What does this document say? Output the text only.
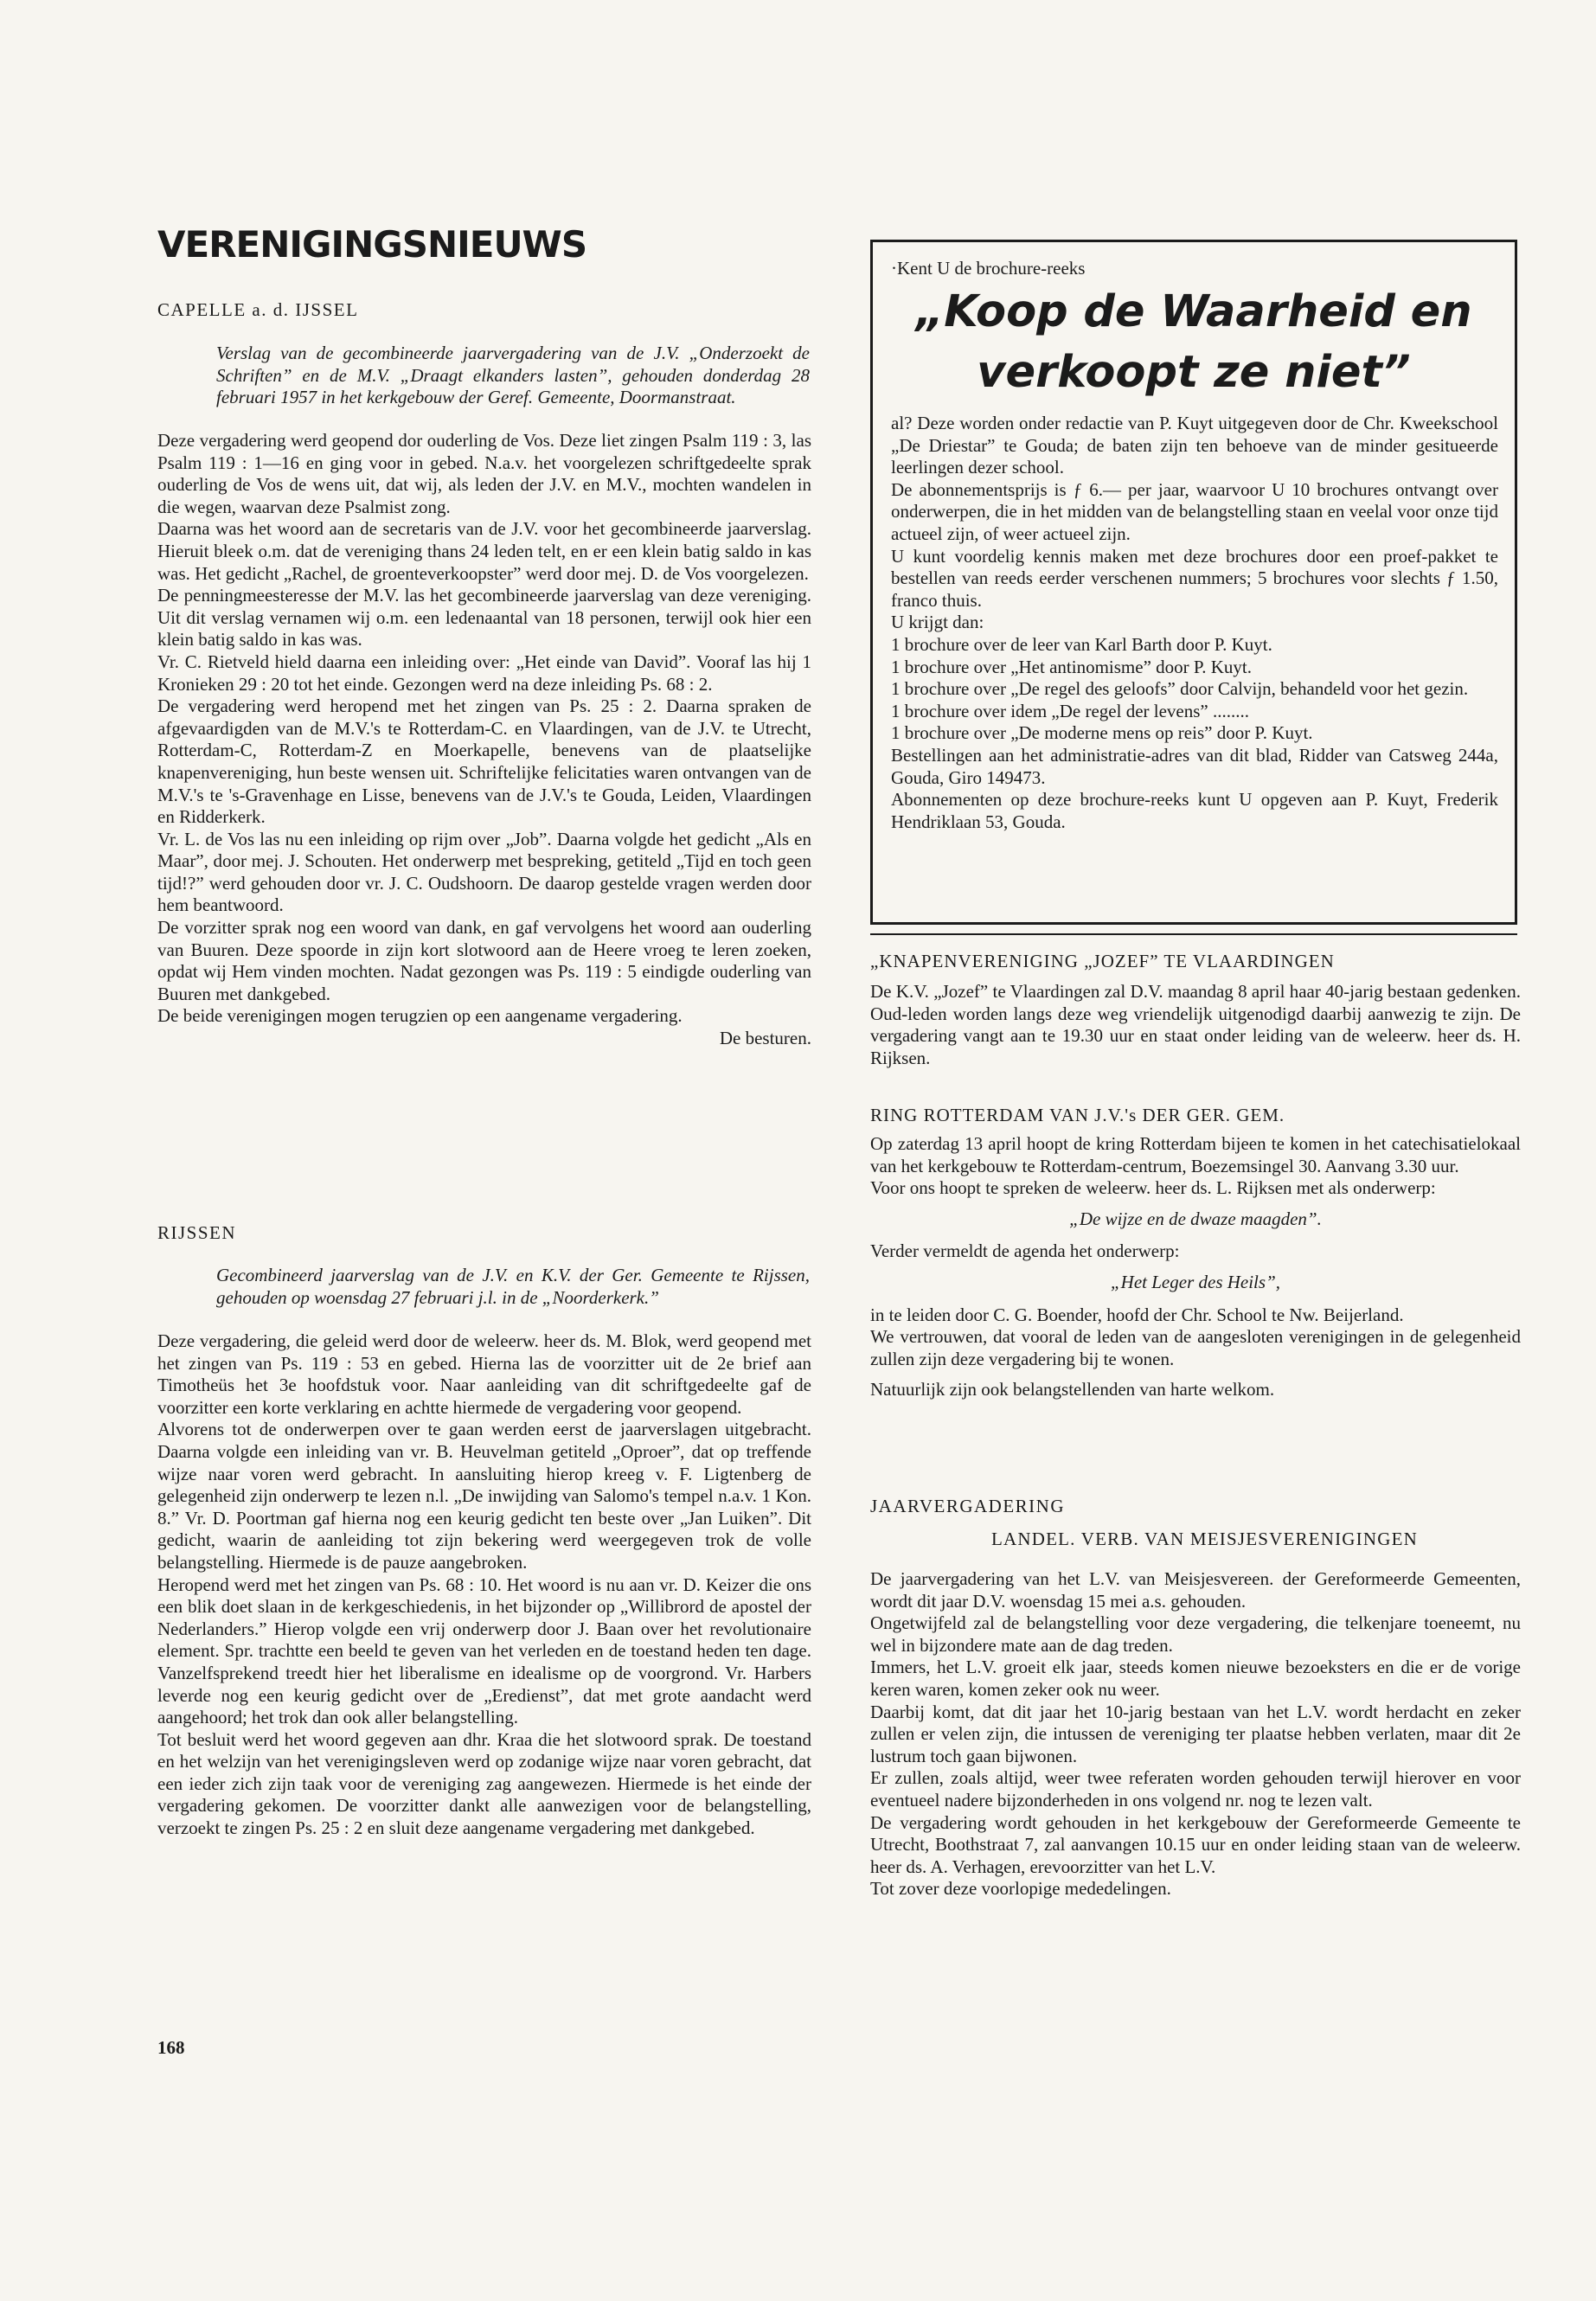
VERENIGINGSNIEUWS
CAPELLE a. d. IJSSEL

Verslag van de gecombineerde jaarvergadering van de J.V. „Onderzoekt de Schriften” en de M.V. „Draagt elkanders lasten”, gehouden donderdag 28 februari 1957 in het kerkgebouw der Geref. Gemeente, Doormanstraat.

Deze vergadering werd geopend dor ouderling de Vos. Deze liet zingen Psalm 119 : 3, las Psalm 119 : 1—16 en ging voor in gebed. N.a.v. het voorgelezen schriftgedeelte sprak ouderling de Vos de wens uit, dat wij, als leden der J.V. en M.V., mochten wandelen in die wegen, waarvan deze Psalmist zong.

Daarna was het woord aan de secretaris van de J.V. voor het gecombineerde jaarverslag. Hieruit bleek o.m. dat de vereniging thans 24 leden telt, en er een klein batig saldo in kas was. Het gedicht „Rachel, de groenteverkoopster” werd door mej. D. de Vos voorgelezen.

De penningmeesteresse der M.V. las het gecombineerde jaarverslag van deze vereniging. Uit dit verslag vernamen wij o.m. een ledenaantal van 18 personen, terwijl ook hier een klein batig saldo in kas was.

Vr. C. Rietveld hield daarna een inleiding over: „Het einde van David”. Vooraf las hij 1 Kronieken 29 : 20 tot het einde. Gezongen werd na deze inleiding Ps. 68 : 2.

De vergadering werd heropend met het zingen van Ps. 25 : 2. Daarna spraken de afgevaardigden van de M.V.'s te Rotterdam-C. en Vlaardingen, van de J.V. te Utrecht, Rotterdam-C, Rotterdam-Z en Moerkapelle, benevens van de plaatselijke knapenvereniging, hun beste wensen uit. Schriftelijke felicitaties waren ontvangen van de M.V.'s te 's-Gravenhage en Lisse, benevens van de J.V.'s te Gouda, Leiden, Vlaardingen en Ridderkerk.

Vr. L. de Vos las nu een inleiding op rijm over „Job”. Daarna volgde het gedicht „Als en Maar”, door mej. J. Schouten. Het onderwerp met bespreking, getiteld „Tijd en toch geen tijd!?” werd gehouden door vr. J. C. Oudshoorn. De daarop gestelde vragen werden door hem beantwoord.

De vorzitter sprak nog een woord van dank, en gaf vervolgens het woord aan ouderling van Buuren. Deze spoorde in zijn kort slotwoord aan de Heere vroeg te leren zoeken, opdat wij Hem vinden mochten. Nadat gezongen was Ps. 119 : 5 eindigde ouderling van Buuren met dankgebed.

De beide verenigingen mogen terugzien op een aangename vergadering.

De besturen.

RIJSSEN

Gecombineerd jaarverslag van de J.V. en K.V. der Ger. Gemeente te Rijssen, gehouden op woensdag 27 februari j.l. in de „Noorderkerk.”

Deze vergadering, die geleid werd door de weleerw. heer ds. M. Blok, werd geopend met het zingen van Ps. 119 : 53 en gebed. Hierna las de voorzitter uit de 2e brief aan Timotheüs het 3e hoofdstuk voor. Naar aanleiding van dit schriftgedeelte gaf de voorzitter een korte verklaring en achtte hiermede de vergadering voor geopend.

Alvorens tot de onderwerpen over te gaan werden eerst de jaarverslagen uitgebracht. Daarna volgde een inleiding van vr. B. Heuvelman getiteld „Oproer”, dat op treffende wijze naar voren werd gebracht. In aansluiting hierop kreeg v. F. Ligtenberg de gelegenheid zijn onderwerp te lezen n.l. „De inwijding van Salomo's tempel n.a.v. 1 Kon. 8.” Vr. D. Poortman gaf hierna nog een keurig gedicht ten beste over „Jan Luiken”. Dit gedicht, waarin de aanleiding tot zijn bekering werd weergegeven trok de volle belangstelling. Hiermede is de pauze aangebroken.

Heropend werd met het zingen van Ps. 68 : 10. Het woord is nu aan vr. D. Keizer die ons een blik doet slaan in de kerkgeschiedenis, in het bijzonder op „Willibrord de apostel der Nederlanders.” Hierop volgde een vrij onderwerp door J. Baan over het revolutionaire element. Spr. trachtte een beeld te geven van het verleden en de toestand heden ten dage. Vanzelfsprekend treedt hier het liberalisme en idealisme op de voorgrond. Vr. Harbers leverde nog een keurig gedicht over de „Eredienst”, dat met grote aandacht werd aangehoord; het trok dan ook aller belangstelling.

Tot besluit werd het woord gegeven aan dhr. Kraa die het slotwoord sprak. De toestand en het welzijn van het verenigingsleven werd op zodanige wijze naar voren gebracht, dat een ieder zich zijn taak voor de vereniging zag aangewezen. Hiermede is het einde der vergadering gekomen. De voorzitter dankt alle aanwezigen voor de belangstelling, verzoekt te zingen Ps. 25 : 2 en sluit deze aangename vergadering met dankgebed.

168
·Kent U de brochure-reeks
„Koop de Waarheid en verkoopt ze niet”

al? Deze worden onder redactie van P. Kuyt uitgegeven door de Chr. Kweekschool „De Driestar” te Gouda; de baten zijn ten behoeve van de minder gesitueerde leerlingen dezer school.

De abonnementsprijs is ƒ 6.— per jaar, waarvoor U 10 brochures ontvangt over onderwerpen, die in het midden van de belangstelling staan en veelal voor onze tijd actueel zijn, of weer actueel zijn.

U kunt voordelig kennis maken met deze brochures door een proef-pakket te bestellen van reeds eerder verschenen nummers; 5 brochures voor slechts ƒ 1.50, franco thuis.

U krijgt dan:

1 brochure over de leer van Karl Barth door P. Kuyt.

1 brochure over „Het antinomisme” door P. Kuyt.

1 brochure over „De regel des geloofs” door Calvijn, behandeld voor het gezin.

1 brochure over idem „De regel der levens” ........

1 brochure over „De moderne mens op reis” door P. Kuyt.

Bestellingen aan het administratie-adres van dit blad, Ridder van Catsweg 244a, Gouda, Giro 149473.

Abonnementen op deze brochure-reeks kunt U opgeven aan P. Kuyt, Frederik Hendriklaan 53, Gouda.

„KNAPENVERENIGING „JOZEF” TE VLAARDINGEN

De K.V. „Jozef” te Vlaardingen zal D.V. maandag 8 april haar 40-jarig bestaan gedenken. Oud-leden worden langs deze weg vriendelijk uitgenodigd daarbij aanwezig te zijn. De vergadering vangt aan te 19.30 uur en staat onder leiding van de weleerw. heer ds. H. Rijksen.

RING ROTTERDAM VAN J.V.'s DER GER. GEM.

Op zaterdag 13 april hoopt de kring Rotterdam bijeen te komen in het catechisatielokaal van het kerkgebouw te Rotterdam-centrum, Boezemsingel 30. Aanvang 3.30 uur.

Voor ons hoopt te spreken de weleerw. heer ds. L. Rijksen met als onderwerp:

„De wijze en de dwaze maagden”.

Verder vermeldt de agenda het onderwerp:

„Het Leger des Heils”,

in te leiden door C. G. Boender, hoofd der Chr. School te Nw. Beijerland.

We vertrouwen, dat vooral de leden van de aangesloten verenigingen in de gelegenheid zullen zijn deze vergadering bij te wonen.

Natuurlijk zijn ook belangstellenden van harte welkom.

JAARVERGADERING
LANDEL. VERB. VAN MEISJESVERENIGINGEN

De jaarvergadering van het L.V. van Meisjesvereen. der Gereformeerde Gemeenten, wordt dit jaar D.V. woensdag 15 mei a.s. gehouden.

Ongetwijfeld zal de belangstelling voor deze vergadering, die telkenjare toeneemt, nu wel in bijzondere mate aan de dag treden.

Immers, het L.V. groeit elk jaar, steeds komen nieuwe bezoeksters en die er de vorige keren waren, komen zeker ook nu weer.

Daarbij komt, dat dit jaar het 10-jarig bestaan van het L.V. wordt herdacht en zeker zullen er velen zijn, die intussen de vereniging ter plaatse hebben verlaten, maar dit 2e lustrum toch gaan bijwonen.

Er zullen, zoals altijd, weer twee referaten worden gehouden terwijl hierover en voor eventueel nadere bijzonderheden in ons volgend nr. nog te lezen valt.

De vergadering wordt gehouden in het kerkgebouw der Gereformeerde Gemeente te Utrecht, Boothstraat 7, zal aanvangen 10.15 uur en onder leiding staan van de weleerw. heer ds. A. Verhagen, erevoorzitter van het L.V.

Tot zover deze voorlopige mededelingen.
